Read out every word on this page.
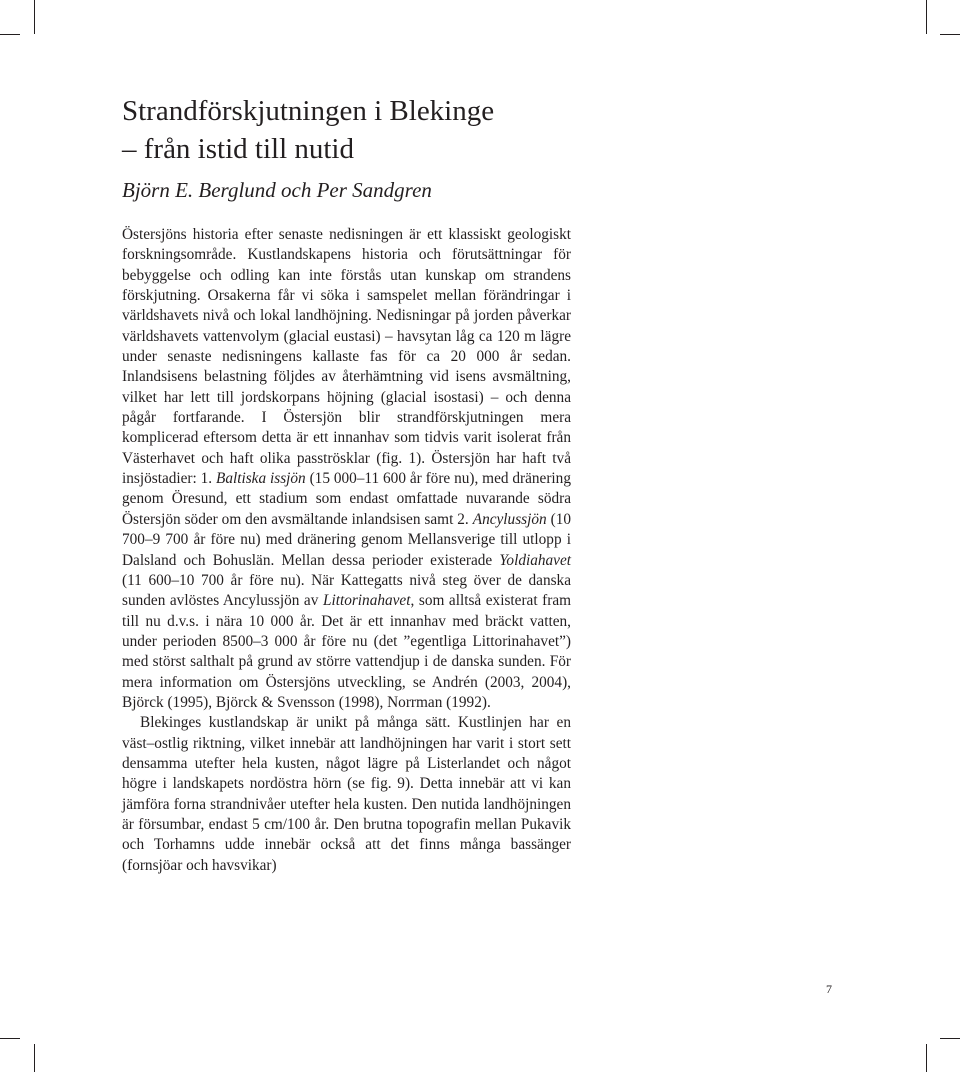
Strandförskjutningen i Blekinge
– från istid till nutid
Björn E. Berglund och Per Sandgren

Östersjöns historia efter senaste nedisningen är ett klassiskt geologiskt forskningsområde. Kustlandskapens historia och förutsättningar för bebyggelse och odling kan inte förstås utan kunskap om strandens förskjutning. Orsakerna får vi söka i samspelet mellan förändringar i världshavets nivå och lokal landhöjning. Nedisningar på jorden påverkar världshavets vattenvolym (glacial eustasi) – havsytan låg ca 120 m lägre under senaste nedisningens kallaste fas för ca 20 000 år sedan. Inlandsisens belastning följdes av återhämtning vid isens avsmältning, vilket har lett till jordskorpans höjning (glacial isostasi) – och denna pågår fortfarande. I Östersjön blir strandförskjutningen mera komplicerad eftersom detta är ett innanhav som tidvis varit isolerat från Västerhavet och haft olika pasströsklar (fig. 1). Östersjön har haft två insjöstadier: 1. Baltiska issjön (15 000–11 600 år före nu), med dränering genom Öresund, ett stadium som endast omfattade nuvarande södra Östersjön söder om den avsmältande inlandsisen samt 2. Ancylussjön (10 700–9 700 år före nu) med dränering genom Mellansverige till utlopp i Dalsland och Bohuslän. Mellan dessa perioder existerade Yoldiahavet (11 600–10 700 år före nu). När Kattegatts nivå steg över de danska sunden avlöstes Ancylussjön av Littorinahavet, som alltså existerat fram till nu d.v.s. i nära 10 000 år. Det är ett innanhav med bräckt vatten, under perioden 8500–3 000 år före nu (det ”egentliga Littorinahavet”) med störst salthalt på grund av större vattendjup i de danska sunden. För mera information om Östersjöns utveckling, se Andrén (2003, 2004), Björck (1995), Björck & Svensson (1998), Norrman (1992).

Blekinges kustlandskap är unikt på många sätt. Kustlinjen har en väst–ostlig riktning, vilket innebär att landhöjningen har varit i stort sett densamma utefter hela kusten, något lägre på Listerlandet och något högre i landskapets nordöstra hörn (se fig. 9). Detta innebär att vi kan jämföra forna strandnivåer utefter hela kusten. Den nutida landhöjningen är försumbar, endast 5 cm/100 år. Den brutna topografin mellan Pukavik och Torhamns udde innebär också att det finns många bassänger (fornsjöar och havsvikar)

7
